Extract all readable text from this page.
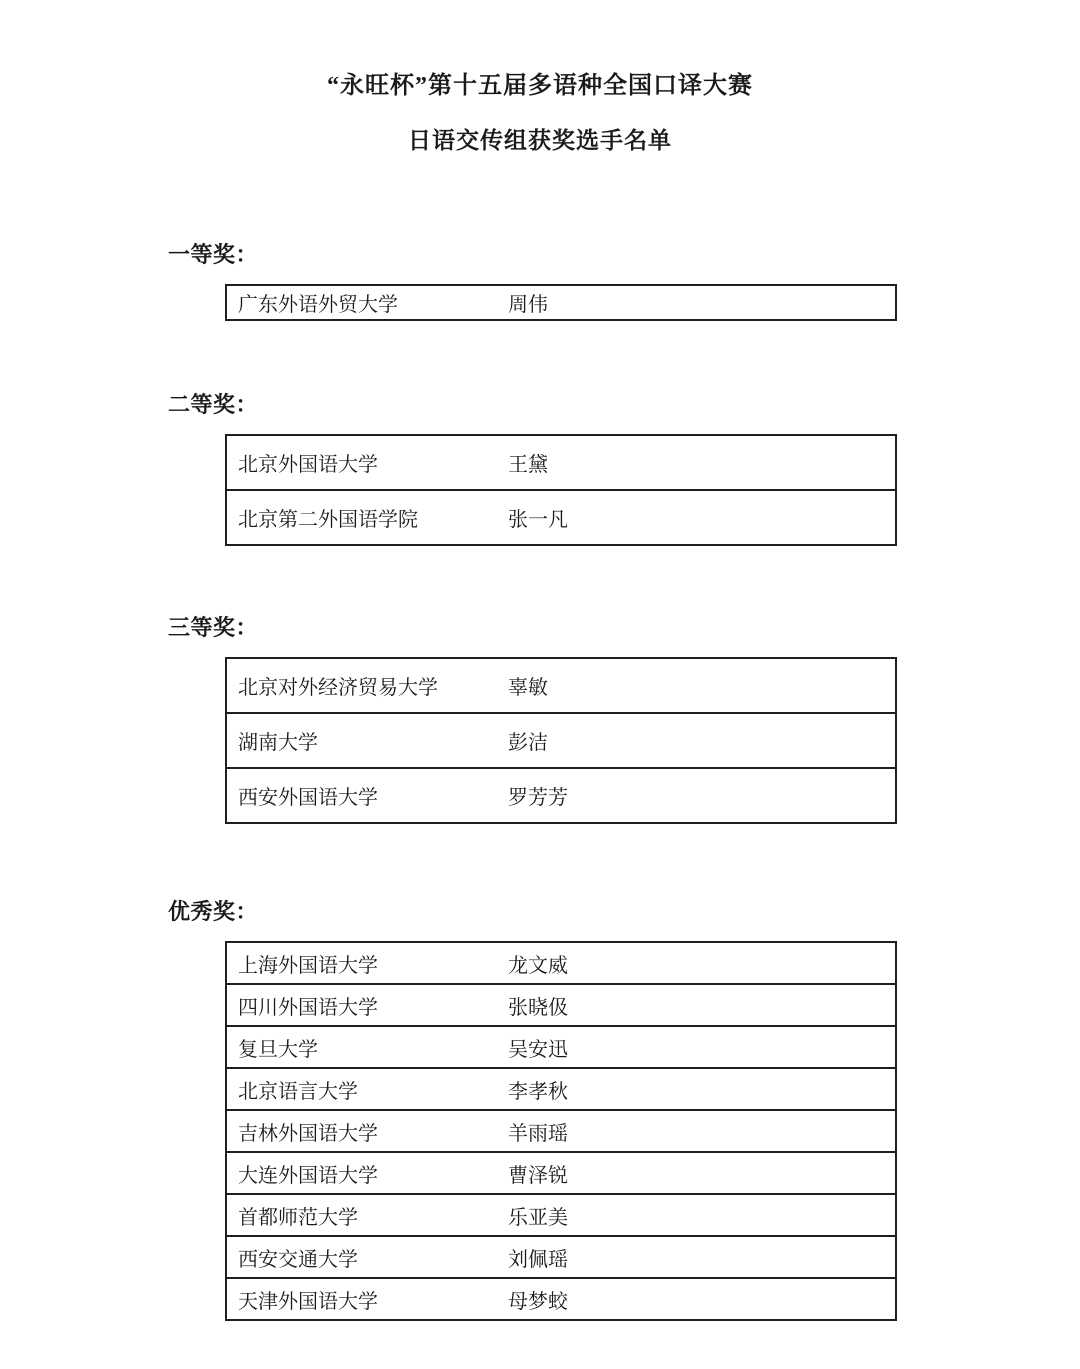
“永旺杯”第十五届多语种全国口译大赛
日语交传组获奖选手名单
一等奖：
广东外语外贸大学	周伟
二等奖：
北京外国语大学	王黛
北京第二外国语学院	张一凡
三等奖：
北京对外经济贸易大学	辜敏
湖南大学	彭洁
西安外国语大学	罗芳芳
优秀奖：
上海外国语大学	龙文威
四川外国语大学	张晓伋
复旦大学	吴安迅
北京语言大学	李孝秋
吉林外国语大学	羊雨瑶
大连外国语大学	曹泽锐
首都师范大学	乐亚美
西安交通大学	刘佩瑶
天津外国语大学	母梦蛟
